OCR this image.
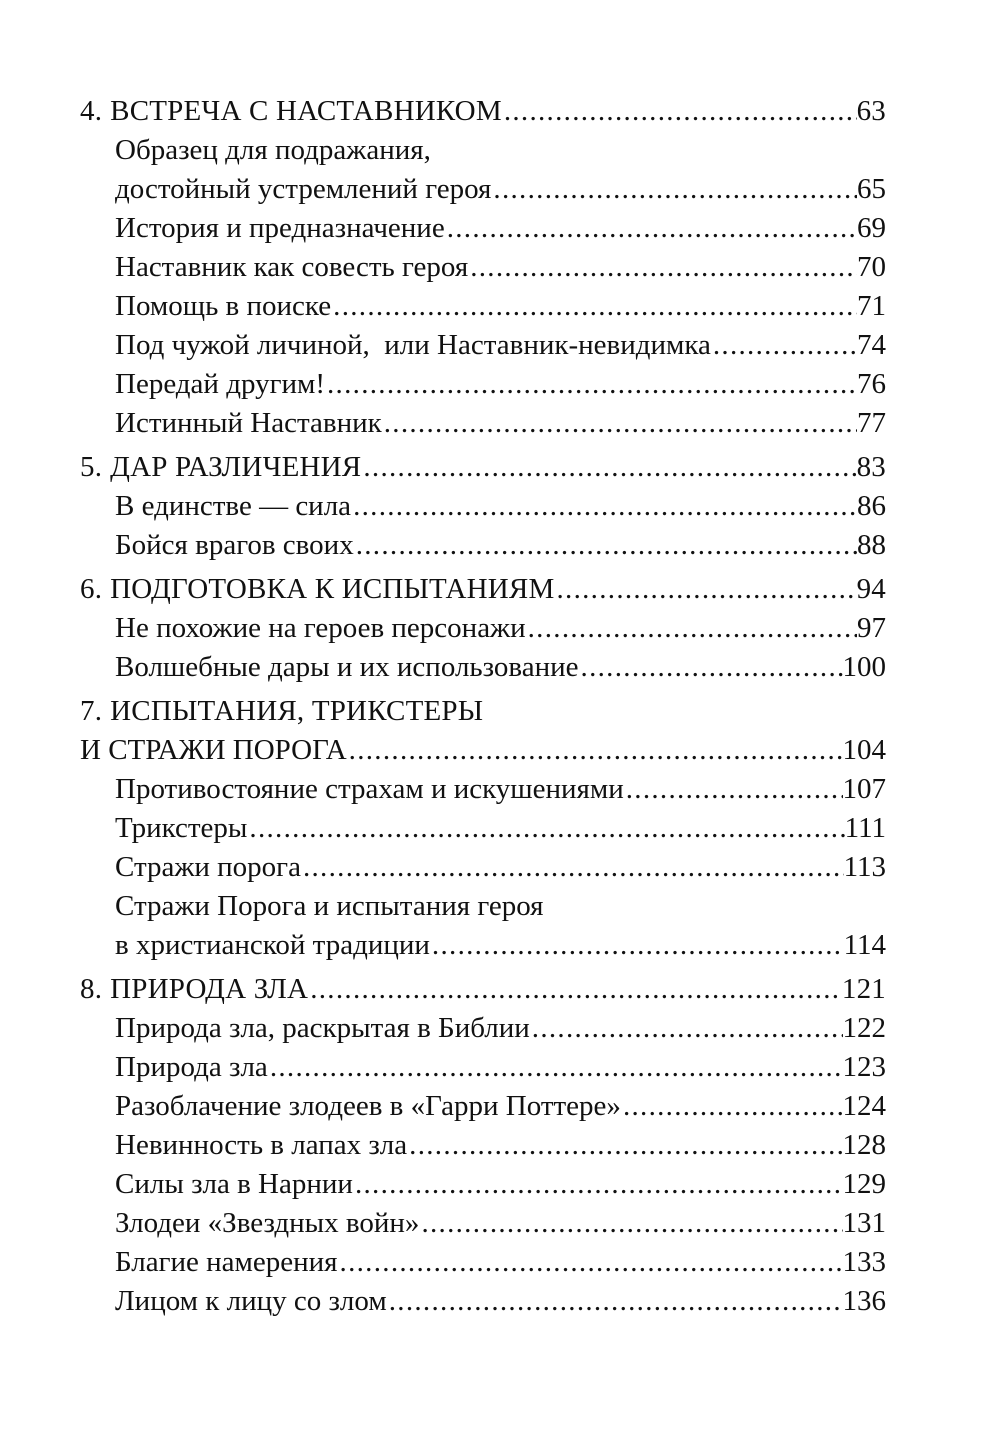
4. ВСТРЕЧА С НАСТАВНИКОМ .....	63
Образец для подражания,
достойный устремлений героя .....	65
История и предназначение .....	69
Наставник как совесть героя .....	70
Помощь в поиске .....	71
Под чужой личиной,  или Наставник-невидимка .....	74
Передай другим! .....	76
Истинный Наставник .....	77
5. ДАР РАЗЛИЧЕНИЯ .....	83
В единстве — сила .....	86
Бойся врагов своих .....	88
6. ПОДГОТОВКА К ИСПЫТАНИЯМ .....	94
Не похожие на героев персонажи .....	97
Волшебные дары и их использование .....	100
7. ИСПЫТАНИЯ, ТРИКСТЕРЫ
И СТРАЖИ ПОРОГА .....	104
Противостояние страхам и искушениями .....	107
Трикстеры .....	111
Стражи порога .....	113
Стражи Порога и испытания героя
в христианской традиции .....	114
8. ПРИРОДА ЗЛА .....	121
Природа зла, раскрытая в Библии .....	122
Природа зла .....	123
Разоблачение злодеев в «Гарри Поттере» .....	124
Невинность в лапах зла .....	128
Силы зла в Нарнии .....	129
Злодеи «Звездных войн» .....	131
Благие намерения .....	133
Лицом к лицу со злом .....	136
